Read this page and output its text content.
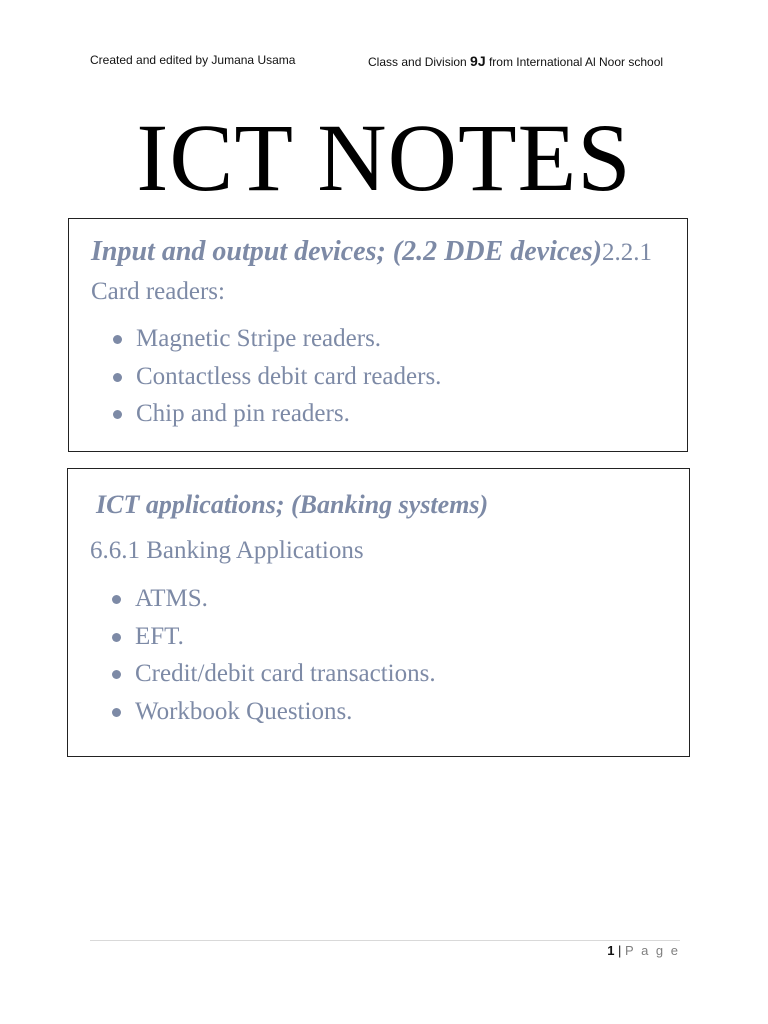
Created and edited by Jumana Usama	Class and Division 9J from International Al Noor school
ICT NOTES
Input and output devices; (2.2 DDE devices)2.2.1 Card readers:
Magnetic Stripe readers.
Contactless debit card readers.
Chip and pin readers.
ICT applications; (Banking systems)
6.6.1 Banking Applications
ATMS.
EFT.
Credit/debit card transactions.
Workbook Questions.
1 | P a g e
